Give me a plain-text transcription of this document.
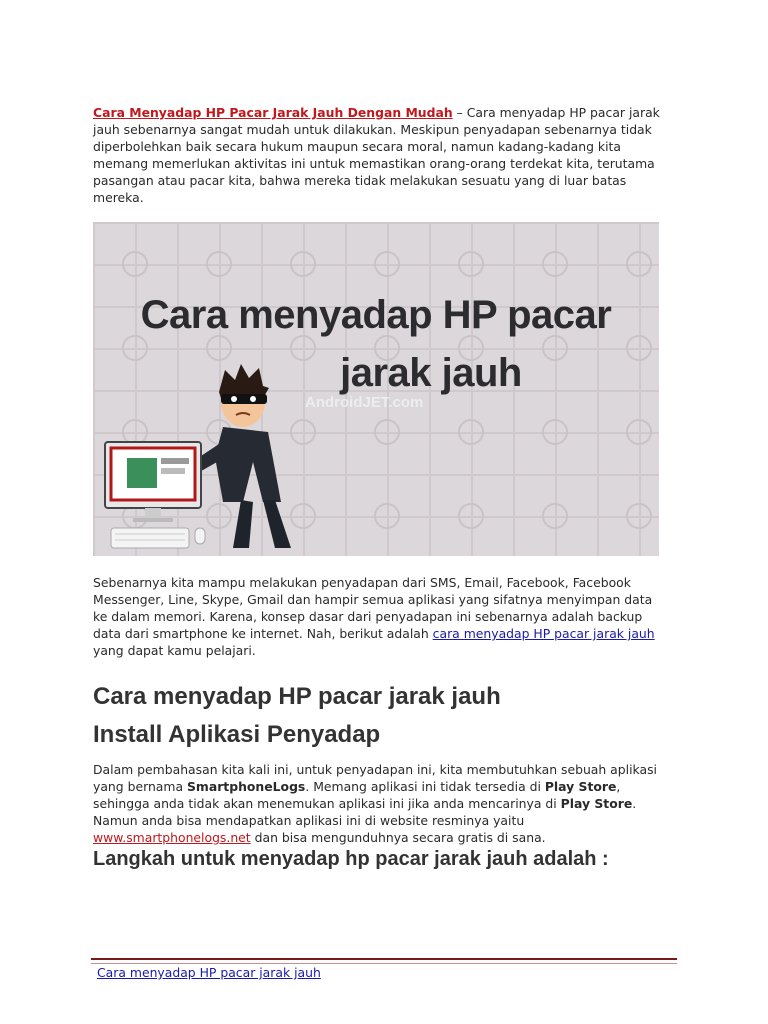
Cara Menyadap HP Pacar Jarak Jauh Dengan Mudah – Cara menyadap HP pacar jarak jauh sebenarnya sangat mudah untuk dilakukan. Meskipun penyadapan sebenarnya tidak diperbolehkan baik secara hukum maupun secara moral, namun kadang-kadang kita memang memerlukan aktivitas ini untuk memastikan orang-orang terdekat kita, terutama pasangan atau pacar kita, bahwa mereka tidak melakukan sesuatu yang di luar batas mereka.

Cara menyadap HP pacar
jarak jauh
AndroidJET.com

Sebenarnya kita mampu melakukan penyadapan dari SMS, Email, Facebook, Facebook Messenger, Line, Skype, Gmail dan hampir semua aplikasi yang sifatnya menyimpan data ke dalam memori. Karena, konsep dasar dari penyadapan ini sebenarnya adalah backup data dari smartphone ke internet. Nah, berikut adalah cara menyadap HP pacar jarak jauh yang dapat kamu pelajari.

Cara menyadap HP pacar jarak jauh
Install Aplikasi Penyadap

Dalam pembahasan kita kali ini, untuk penyadapan ini, kita membutuhkan sebuah aplikasi yang bernama SmartphoneLogs. Memang aplikasi ini tidak tersedia di Play Store, sehingga anda tidak akan menemukan aplikasi ini jika anda mencarinya di Play Store. Namun anda bisa mendapatkan aplikasi ini di website resminya yaitu www.smartphonelogs.net dan bisa mengunduhnya secara gratis di sana.

Langkah untuk menyadap hp pacar jarak jauh adalah :
Cara menyadap HP pacar jarak jauh
